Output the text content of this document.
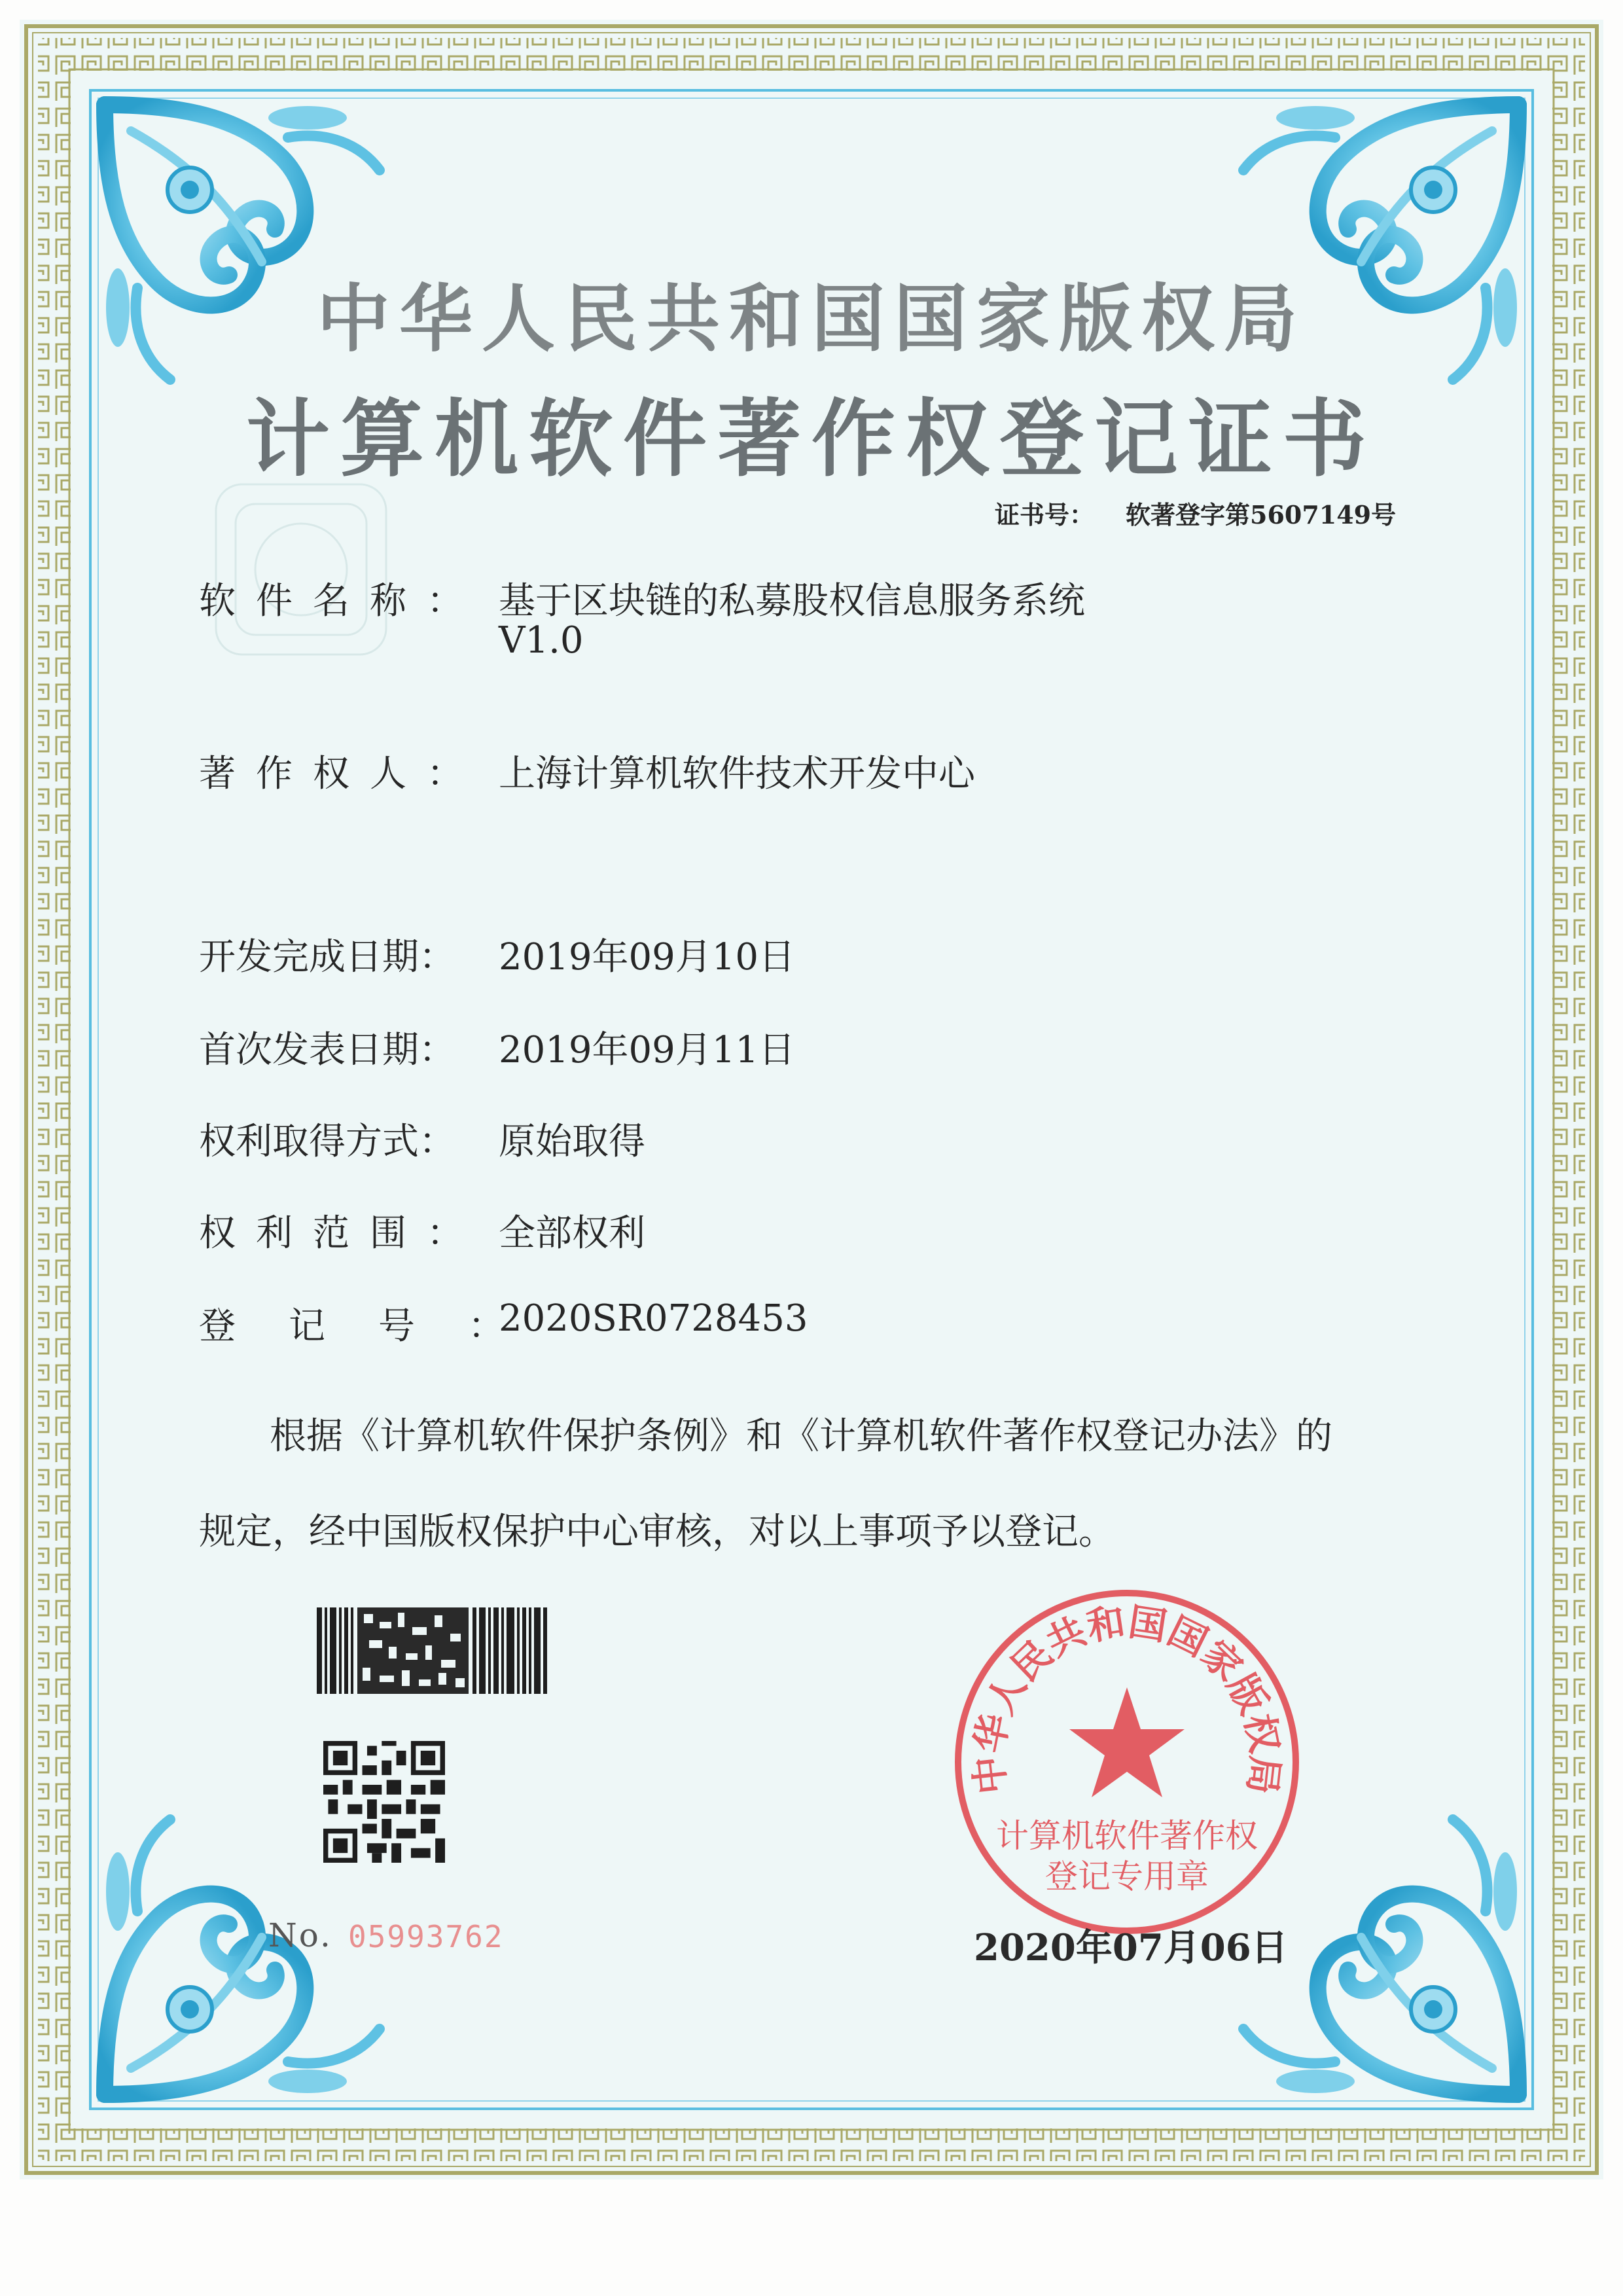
中华人民共和国国家版权局
计算机软件著作权登记证书
证书号： 软著登字第5607149号
软件名称： 基于区块链的私募股权信息服务系统
V1.0
著作权人： 上海计算机软件技术开发中心
开发完成日期： 2019年09月10日
首次发表日期： 2019年09月11日
权利取得方式： 原始取得
权利范围： 全部权利
登记号：
2020SR0728453

根据《计算机软件保护条例》和《计算机软件著作权登记办法》的

规定，经中国版权保护中心审核，对以上事项予以登记。

No. 05993762
中华人民共和国国家版权局
计算机软件著作权
登记专用章
2020年07月06日
